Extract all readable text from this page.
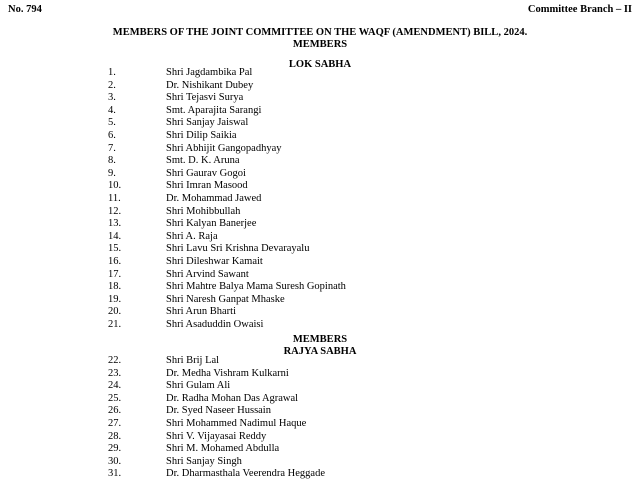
No. 794	Committee Branch – II
MEMBERS OF THE JOINT COMMITTEE ON THE WAQF (AMENDMENT) BILL, 2024.
MEMBERS
LOK SABHA
1.	Shri Jagdambika Pal
2.	Dr. Nishikant Dubey
3.	Shri Tejasvi Surya
4.	Smt. Aparajita Sarangi
5.	Shri Sanjay Jaiswal
6.	Shri Dilip Saikia
7.	Shri Abhijit Gangopadhyay
8.	Smt. D. K. Aruna
9.	Shri Gaurav Gogoi
10.	Shri Imran Masood
11.	Dr. Mohammad Jawed
12.	Shri Mohibbullah
13.	Shri Kalyan Banerjee
14.	Shri A. Raja
15.	Shri Lavu Sri Krishna Devarayalu
16.	Shri Dileshwar Kamait
17.	Shri Arvind Sawant
18.	Shri Mahtre Balya Mama Suresh Gopinath
19.	Shri Naresh Ganpat Mhaske
20.	Shri Arun Bharti
21.	Shri Asaduddin Owaisi
MEMBERS
RAJYA SABHA
22.	Shri Brij Lal
23.	Dr. Medha Vishram Kulkarni
24.	Shri Gulam Ali
25.	Dr. Radha Mohan Das Agrawal
26.	Dr. Syed Naseer Hussain
27.	Shri Mohammed Nadimul Haque
28.	Shri V. Vijayasai Reddy
29.	Shri M. Mohamed Abdulla
30.	Shri Sanjay Singh
31.	Dr. Dharmasthala Veerendra Heggade
